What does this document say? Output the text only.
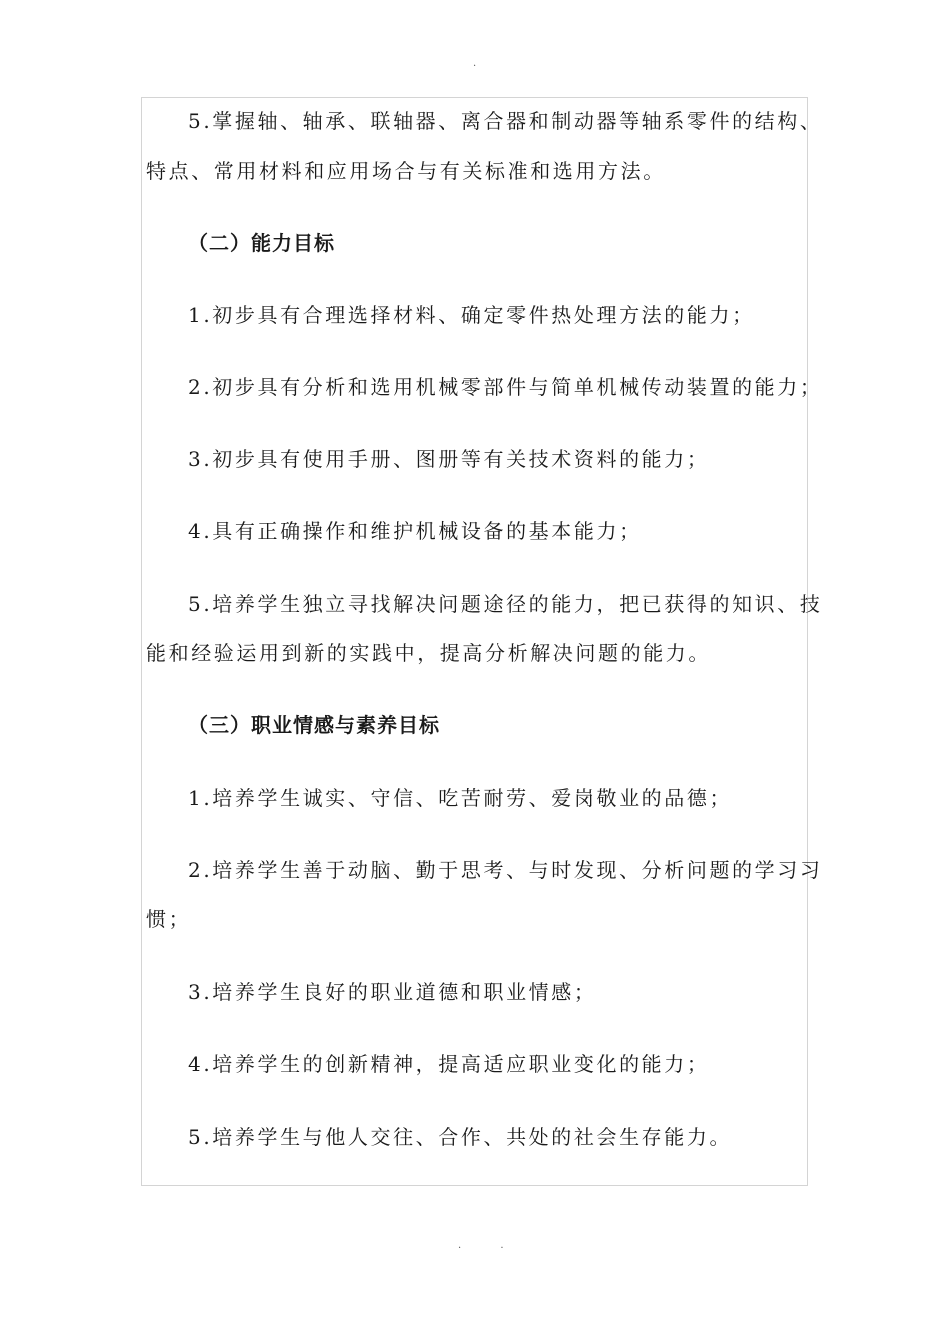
.
5.掌握轴、轴承、联轴器、离合器和制动器等轴系零件的结构、
特点、常用材料和应用场合与有关标准和选用方法。
（二）能力目标
1.初步具有合理选择材料、确定零件热处理方法的能力；
2.初步具有分析和选用机械零部件与简单机械传动装置的能力；
3.初步具有使用手册、图册等有关技术资料的能力；
4.具有正确操作和维护机械设备的基本能力；
5.培养学生独立寻找解决问题途径的能力，把已获得的知识、技
能和经验运用到新的实践中，提高分析解决问题的能力。
（三）职业情感与素养目标
1.培养学生诚实、守信、吃苦耐劳、爱岗敬业的品德；
2.培养学生善于动脑、勤于思考、与时发现、分析问题的学习习
惯；
3.培养学生良好的职业道德和职业情感；
4.培养学生的创新精神，提高适应职业变化的能力；
5.培养学生与他人交往、合作、共处的社会生存能力。
. .
